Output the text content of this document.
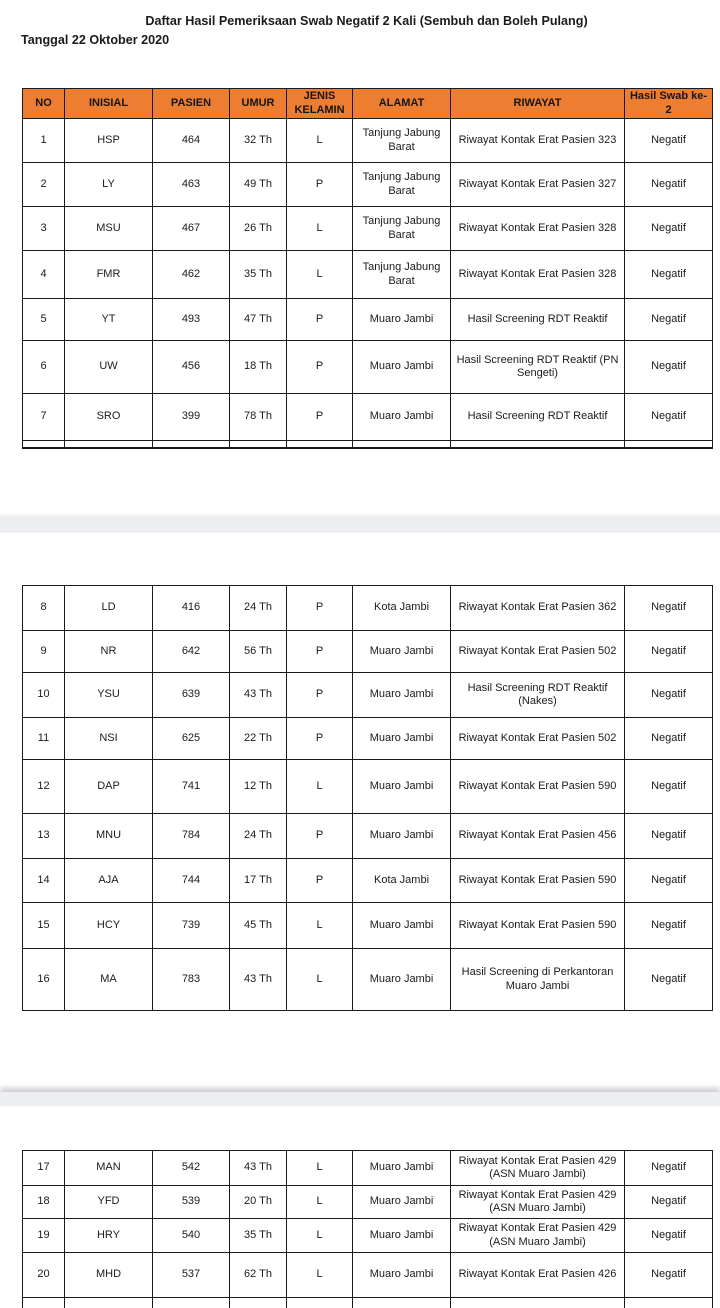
Daftar Hasil Pemeriksaan Swab Negatif 2 Kali (Sembuh dan Boleh Pulang)
Tanggal 22 Oktober 2020
NO	INISIAL	PASIEN	UMUR	JENIS KELAMIN	ALAMAT	RIWAYAT	Hasil Swab ke-2
1	HSP	464	32 Th	L	Tanjung Jabung Barat	Riwayat Kontak Erat Pasien 323	Negatif
2	LY	463	49 Th	P	Tanjung Jabung Barat	Riwayat Kontak Erat Pasien 327	Negatif
3	MSU	467	26 Th	L	Tanjung Jabung Barat	Riwayat Kontak Erat Pasien 328	Negatif
4	FMR	462	35 Th	L	Tanjung Jabung Barat	Riwayat Kontak Erat Pasien 328	Negatif
5	YT	493	47 Th	P	Muaro Jambi	Hasil Screening RDT Reaktif	Negatif
6	UW	456	18 Th	P	Muaro Jambi	Hasil Screening RDT Reaktif (PN Sengeti)	Negatif
7	SRO	399	78 Th	P	Muaro Jambi	Hasil Screening RDT Reaktif	Negatif

8	LD	416	24 Th	P	Kota Jambi	Riwayat Kontak Erat Pasien 362	Negatif
9	NR	642	56 Th	P	Muaro Jambi	Riwayat Kontak Erat Pasien 502	Negatif
10	YSU	639	43 Th	P	Muaro Jambi	Hasil Screening RDT Reaktif (Nakes)	Negatif
11	NSI	625	22 Th	P	Muaro Jambi	Riwayat Kontak Erat Pasien 502	Negatif
12	DAP	741	12 Th	L	Muaro Jambi	Riwayat Kontak Erat Pasien 590	Negatif
13	MNU	784	24 Th	P	Muaro Jambi	Riwayat Kontak Erat Pasien 456	Negatif
14	AJA	744	17 Th	P	Kota Jambi	Riwayat Kontak Erat Pasien 590	Negatif
15	HCY	739	45 Th	L	Muaro Jambi	Riwayat Kontak Erat Pasien 590	Negatif
16	MA	783	43 Th	L	Muaro Jambi	Hasil Screening di Perkantoran Muaro Jambi	Negatif
17	MAN	542	43 Th	L	Muaro Jambi	Riwayat Kontak Erat Pasien 429 (ASN Muaro Jambi)	Negatif
18	YFD	539	20 Th	L	Muaro Jambi	Riwayat Kontak Erat Pasien 429 (ASN Muaro Jambi)	Negatif
19	HRY	540	35 Th	L	Muaro Jambi	Riwayat Kontak Erat Pasien 429 (ASN Muaro Jambi)	Negatif
20	MHD	537	62 Th	L	Muaro Jambi	Riwayat Kontak Erat Pasien 426	Negatif
